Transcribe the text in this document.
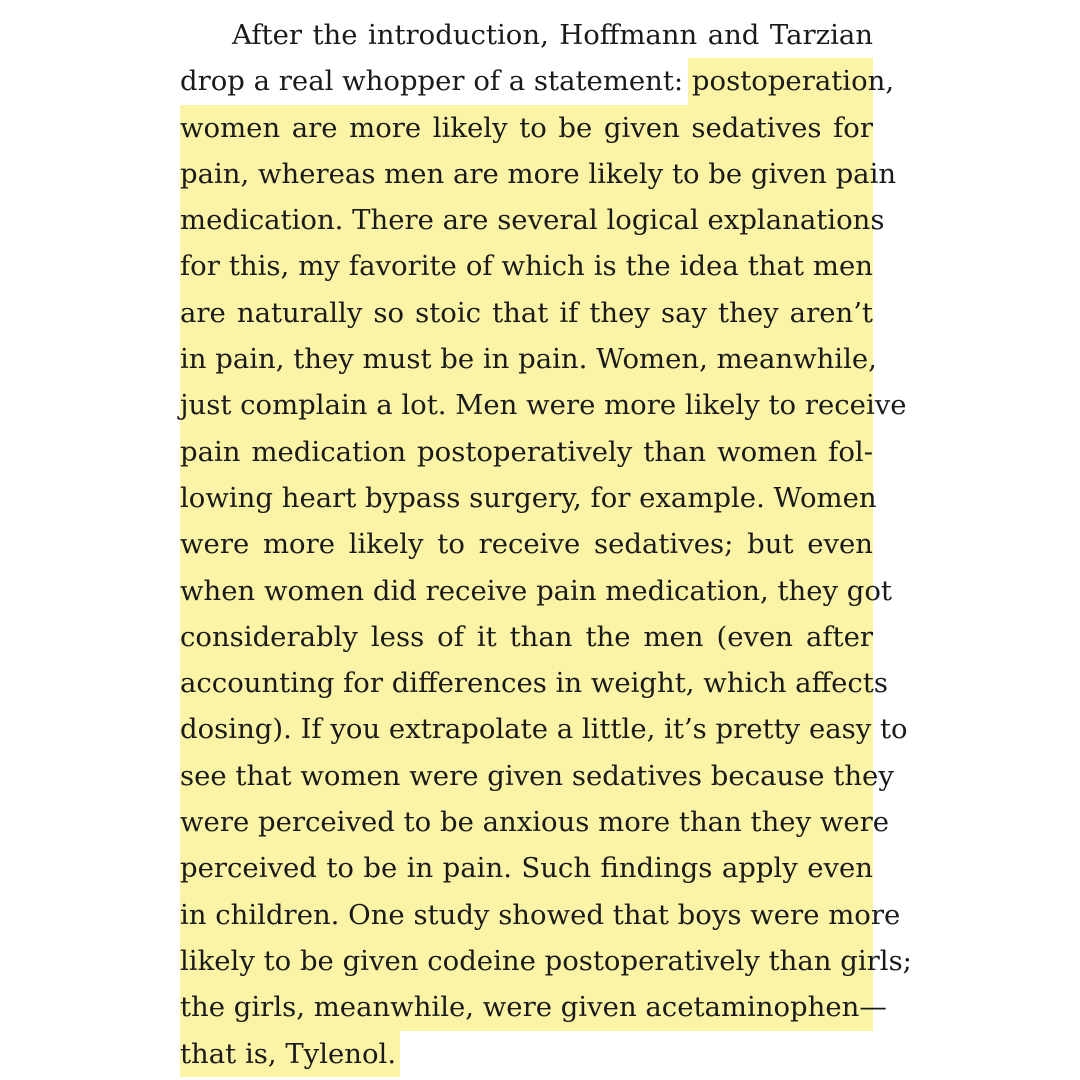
After the introduction, Hoffmann and Tarzian
drop a real whopper of a statement: postoperation,
women are more likely to be given sedatives for
pain, whereas men are more likely to be given pain
medication. There are several logical explanations
for this, my favorite of which is the idea that men
are naturally so stoic that if they say they aren’t
in pain, they must be in pain. Women, meanwhile,
just complain a lot. Men were more likely to receive
pain medication postoperatively than women fol-
lowing heart bypass surgery, for example. Women
were more likely to receive sedatives; but even
when women did receive pain medication, they got
considerably less of it than the men (even after
accounting for differences in weight, which affects
dosing). If you extrapolate a little, it’s pretty easy to
see that women were given sedatives because they
were perceived to be anxious more than they were
perceived to be in pain. Such findings apply even
in children. One study showed that boys were more
likely to be given codeine postoperatively than girls;
the girls, meanwhile, were given acetaminophen—
that is, Tylenol.
